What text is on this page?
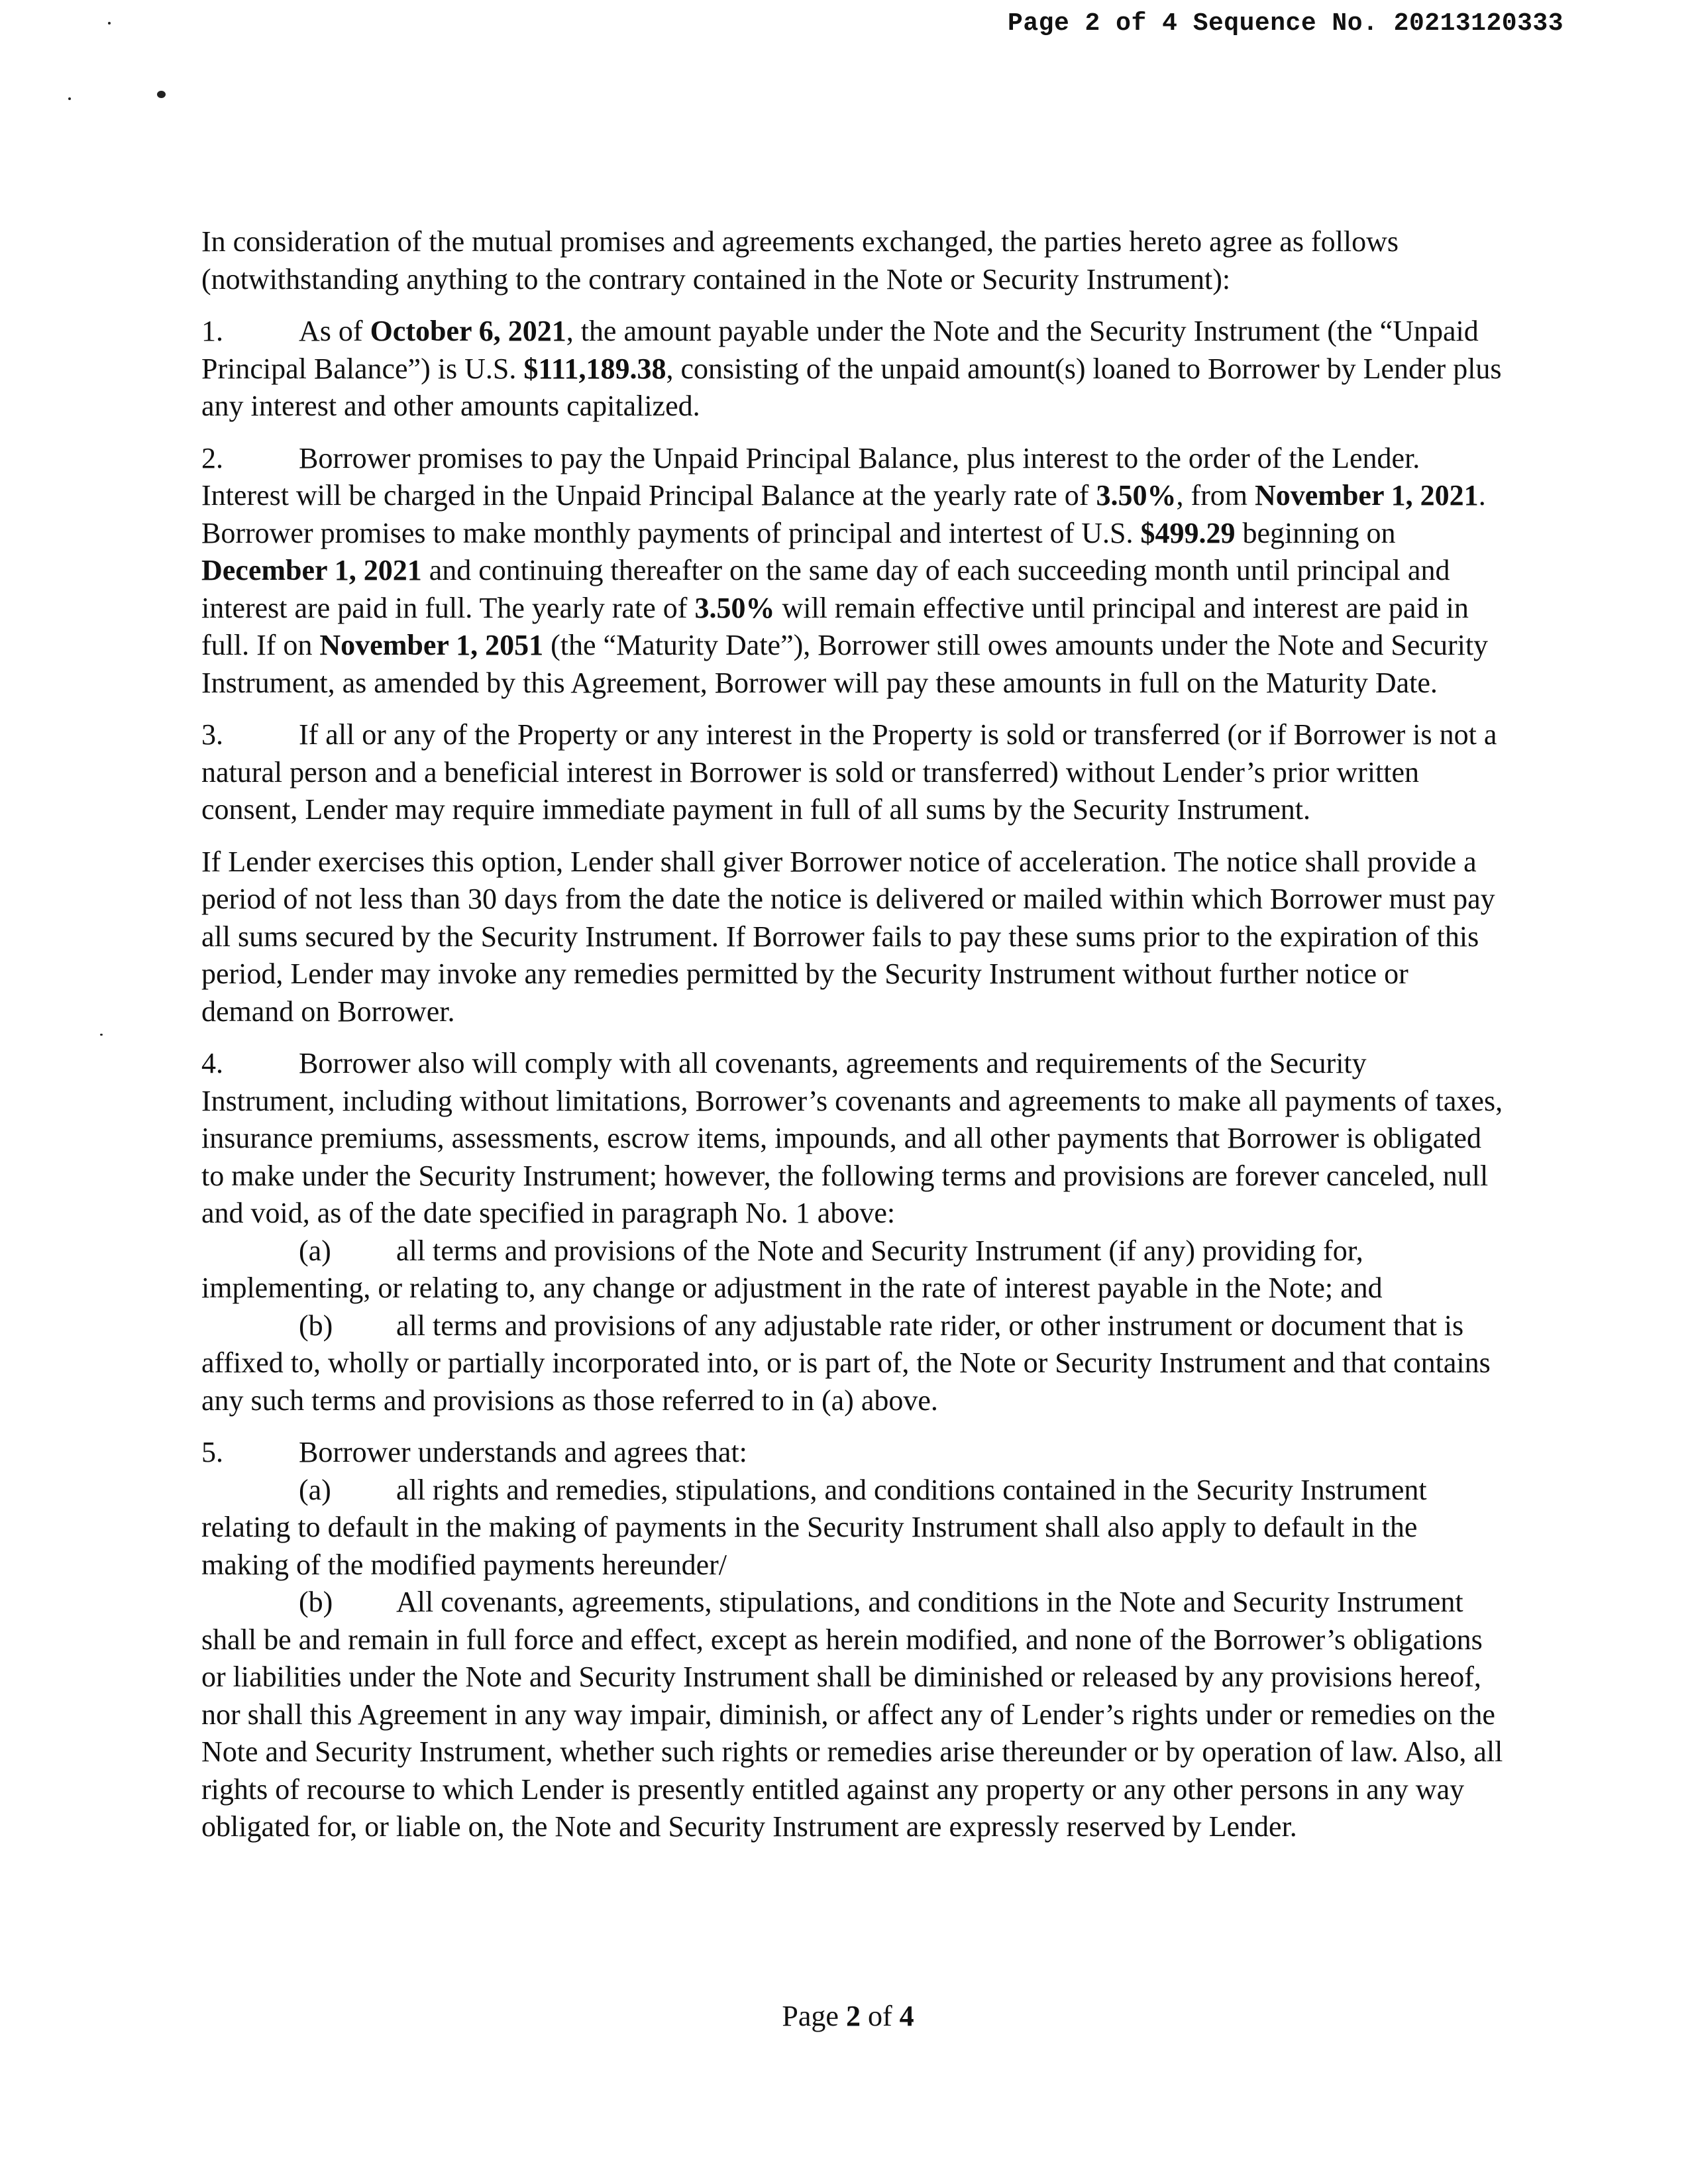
Page 2 of 4 Sequence No. 20213120333

In consideration of the mutual promises and agreements exchanged, the parties hereto agree as follows
(notwithstanding anything to the contrary contained in the Note or Security Instrument):

1.	As of October 6, 2021, the amount payable under the Note and the Security Instrument (the “Unpaid Principal Balance”) is U.S. $111,189.38, consisting of the unpaid amount(s) loaned to Borrower by Lender plus any interest and other amounts capitalized.

2.	Borrower promises to pay the Unpaid Principal Balance, plus interest to the order of the Lender. Interest will be charged in the Unpaid Principal Balance at the yearly rate of 3.50%, from November 1, 2021. Borrower promises to make monthly payments of principal and intertest of U.S. $499.29 beginning on December 1, 2021 and continuing thereafter on the same day of each succeeding month until principal and interest are paid in full. The yearly rate of 3.50% will remain effective until principal and interest are paid in full. If on November 1, 2051 (the “Maturity Date”), Borrower still owes amounts under the Note and Security Instrument, as amended by this Agreement, Borrower will pay these amounts in full on the Maturity Date.

3.	If all or any of the Property or any interest in the Property is sold or transferred (or if Borrower is not a natural person and a beneficial interest in Borrower is sold or transferred) without Lender’s prior written consent, Lender may require immediate payment in full of all sums by the Security Instrument.

If Lender exercises this option, Lender shall giver Borrower notice of acceleration. The notice shall provide a period of not less than 30 days from the date the notice is delivered or mailed within which Borrower must pay all sums secured by the Security Instrument. If Borrower fails to pay these sums prior to the expiration of this period, Lender may invoke any remedies permitted by the Security Instrument without further notice or demand on Borrower.

4.	Borrower also will comply with all covenants, agreements and requirements of the Security Instrument, including without limitations, Borrower’s covenants and agreements to make all payments of taxes, insurance premiums, assessments, escrow items, impounds, and all other payments that Borrower is obligated to make under the Security Instrument; however, the following terms and provisions are forever canceled, null and void, as of the date specified in paragraph No. 1 above:

(a) all terms and provisions of the Note and Security Instrument (if any) providing for, implementing, or relating to, any change or adjustment in the rate of interest payable in the Note; and

(b) all terms and provisions of any adjustable rate rider, or other instrument or document that is affixed to, wholly or partially incorporated into, or is part of, the Note or Security Instrument and that contains any such terms and provisions as those referred to in (a) above.

5.	Borrower understands and agrees that:

(a) all rights and remedies, stipulations, and conditions contained in the Security Instrument relating to default in the making of payments in the Security Instrument shall also apply to default in the making of the modified payments hereunder/

(b) All covenants, agreements, stipulations, and conditions in the Note and Security Instrument shall be and remain in full force and effect, except as herein modified, and none of the Borrower’s obligations or liabilities under the Note and Security Instrument shall be diminished or released by any provisions hereof, nor shall this Agreement in any way impair, diminish, or affect any of Lender’s rights under or remedies on the Note and Security Instrument, whether such rights or remedies arise thereunder or by operation of law. Also, all rights of recourse to which Lender is presently entitled against any property or any other persons in any way obligated for, or liable on, the Note and Security Instrument are expressly reserved by Lender.

Page 2 of 4
